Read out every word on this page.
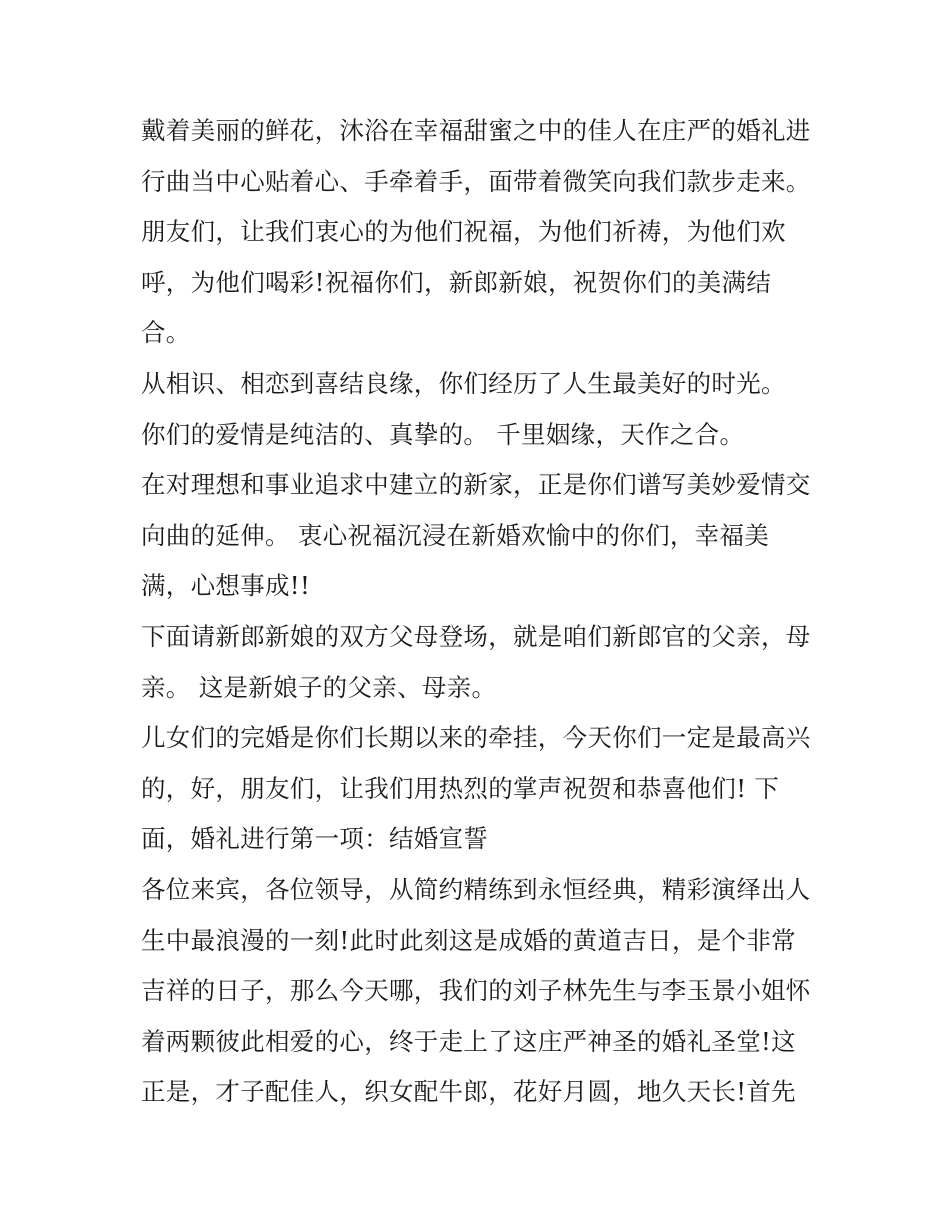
戴着美丽的鲜花，沐浴在幸福甜蜜之中的佳人在庄严的婚礼进
行曲当中心贴着心、手牵着手，面带着微笑向我们款步走来。
朋友们，让我们衷心的为他们祝福，为他们祈祷，为他们欢
呼，为他们喝彩!祝福你们，新郎新娘，祝贺你们的美满结
合。
从相识、相恋到喜结良缘，你们经历了人生最美好的时光。
你们的爱情是纯洁的、真挚的。 千里姻缘，天作之合。
在对理想和事业追求中建立的新家，正是你们谱写美妙爱情交
向曲的延伸。 衷心祝福沉浸在新婚欢愉中的你们，幸福美
满，心想事成!!
下面请新郎新娘的双方父母登场，就是咱们新郎官的父亲，母
亲。 这是新娘子的父亲、母亲。
儿女们的完婚是你们长期以来的牵挂，今天你们一定是最高兴
的，好，朋友们，让我们用热烈的掌声祝贺和恭喜他们! 下
面，婚礼进行第一项：结婚宣誓
各位来宾，各位领导，从简约精练到永恒经典，精彩演绎出人
生中最浪漫的一刻!此时此刻这是成婚的黄道吉日，是个非常
吉祥的日子，那么今天哪，我们的刘子林先生与李玉景小姐怀
着两颗彼此相爱的心，终于走上了这庄严神圣的婚礼圣堂!这
正是，才子配佳人，织女配牛郎，花好月圆，地久天长!首先
